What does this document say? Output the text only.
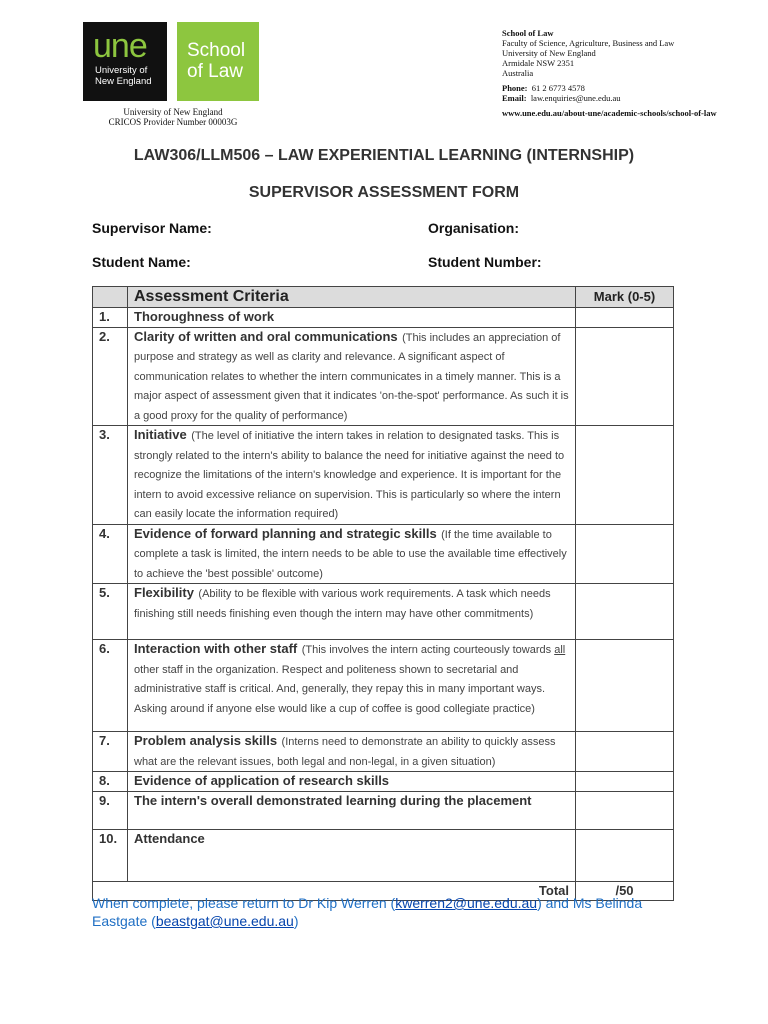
une
University of
New England
School
of Law
University of New England
CRICOS Provider Number 00003G
School of Law
Faculty of Science, Agriculture, Business and Law
University of New England
Armidale NSW 2351
Australia
Phone: 61 2 6773 4578
Email: law.enquiries@une.edu.au
www.une.edu.au/about-une/academic-schools/school-of-law
LAW306/LLM506 – LAW EXPERIENTIAL LEARNING (INTERNSHIP)
SUPERVISOR ASSESSMENT FORM
Supervisor Name:	Organisation:
Student Name:	Student Number:

	Assessment Criteria	Mark (0-5)

1.	Thoroughness of work	
2.	Clarity of written and oral communications (This includes an appreciation of purpose and strategy as well as clarity and relevance. A significant aspect of communication relates to whether the intern communicates in a timely manner. This is a major aspect of assessment given that it indicates 'on-the-spot' performance. As such it is a good proxy for the quality of performance)	
3.	Initiative (The level of initiative the intern takes in relation to designated tasks. This is strongly related to the intern's ability to balance the need for initiative against the need to recognize the limitations of the intern's knowledge and experience. It is important for the intern to avoid excessive reliance on supervision. This is particularly so where the intern can easily locate the information required)	
4.	Evidence of forward planning and strategic skills (If the time available to complete a task is limited, the intern needs to be able to use the available time effectively to achieve the 'best possible' outcome)	
5.	Flexibility (Ability to be flexible with various work requirements. A task which needs finishing still needs finishing even though the intern may have other commitments)	
6.	Interaction with other staff (This involves the intern acting courteously towards all other staff in the organization. Respect and politeness shown to secretarial and administrative staff is critical. And, generally, they repay this in many important ways. Asking around if anyone else would like a cup of coffee is good collegiate practice)	
7.	Problem analysis skills (Interns need to demonstrate an ability to quickly assess what are the relevant issues, both legal and non-legal, in a given situation)	
8.	Evidence of application of research skills	
9.	The intern's overall demonstrated learning during the placement	
10.	Attendance	
	Total	/50
When complete, please return to Dr Kip Werren (kwerren2@une.edu.au) and Ms Belinda Eastgate (beastgat@une.edu.au)
